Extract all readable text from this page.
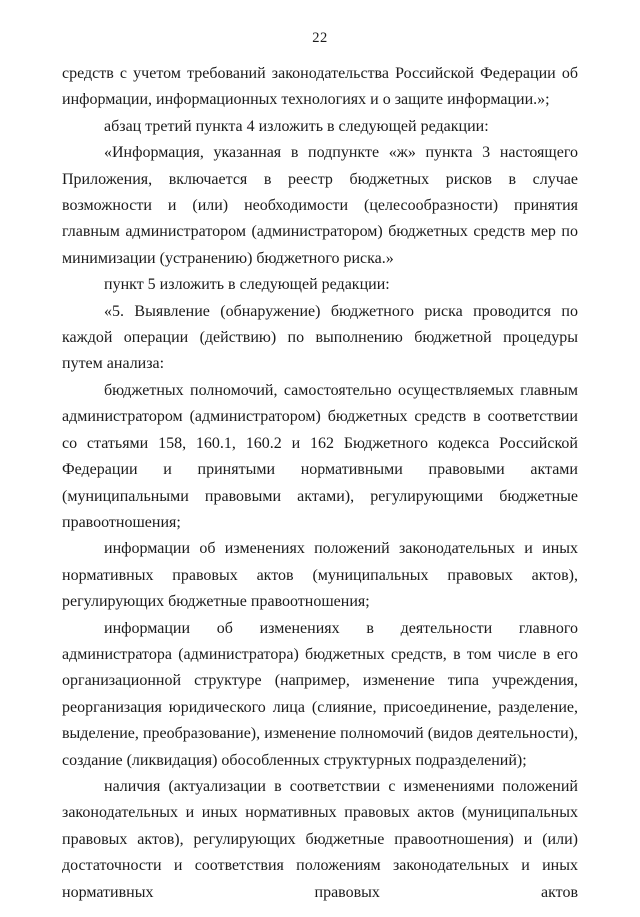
22

средств с учетом требований законодательства Российской Федерации об информации, информационных технологиях и о защите информации.»;

абзац третий пункта 4 изложить в следующей редакции:

«Информация, указанная в подпункте «ж» пункта 3 настоящего Приложения, включается в реестр бюджетных рисков в случае возможности и (или) необходимости (целесообразности) принятия главным администратором (администратором) бюджетных средств мер по минимизации (устранению) бюджетного риска.»

пункт 5 изложить в следующей редакции:

«5. Выявление (обнаружение) бюджетного риска проводится по каждой операции (действию) по выполнению бюджетной процедуры путем анализа:

бюджетных полномочий, самостоятельно осуществляемых главным администратором (администратором) бюджетных средств в соответствии со статьями 158, 160.1, 160.2 и 162 Бюджетного кодекса Российской Федерации и принятыми нормативными правовыми актами (муниципальными правовыми актами), регулирующими бюджетные правоотношения;

информации об изменениях положений законодательных и иных нормативных правовых актов (муниципальных правовых актов), регулирующих бюджетные правоотношения;

информации об изменениях в деятельности главного администратора (администратора) бюджетных средств, в том числе в его организационной структуре (например, изменение типа учреждения, реорганизация юридического лица (слияние, присоединение, разделение, выделение, преобразование), изменение полномочий (видов деятельности), создание (ликвидация) обособленных структурных подразделений);

наличия (актуализации в соответствии с изменениями положений законодательных и иных нормативных правовых актов (муниципальных правовых актов), регулирующих бюджетные правоотношения) и (или) достаточности и соответствия положениям законодательных и иных нормативных правовых актов
